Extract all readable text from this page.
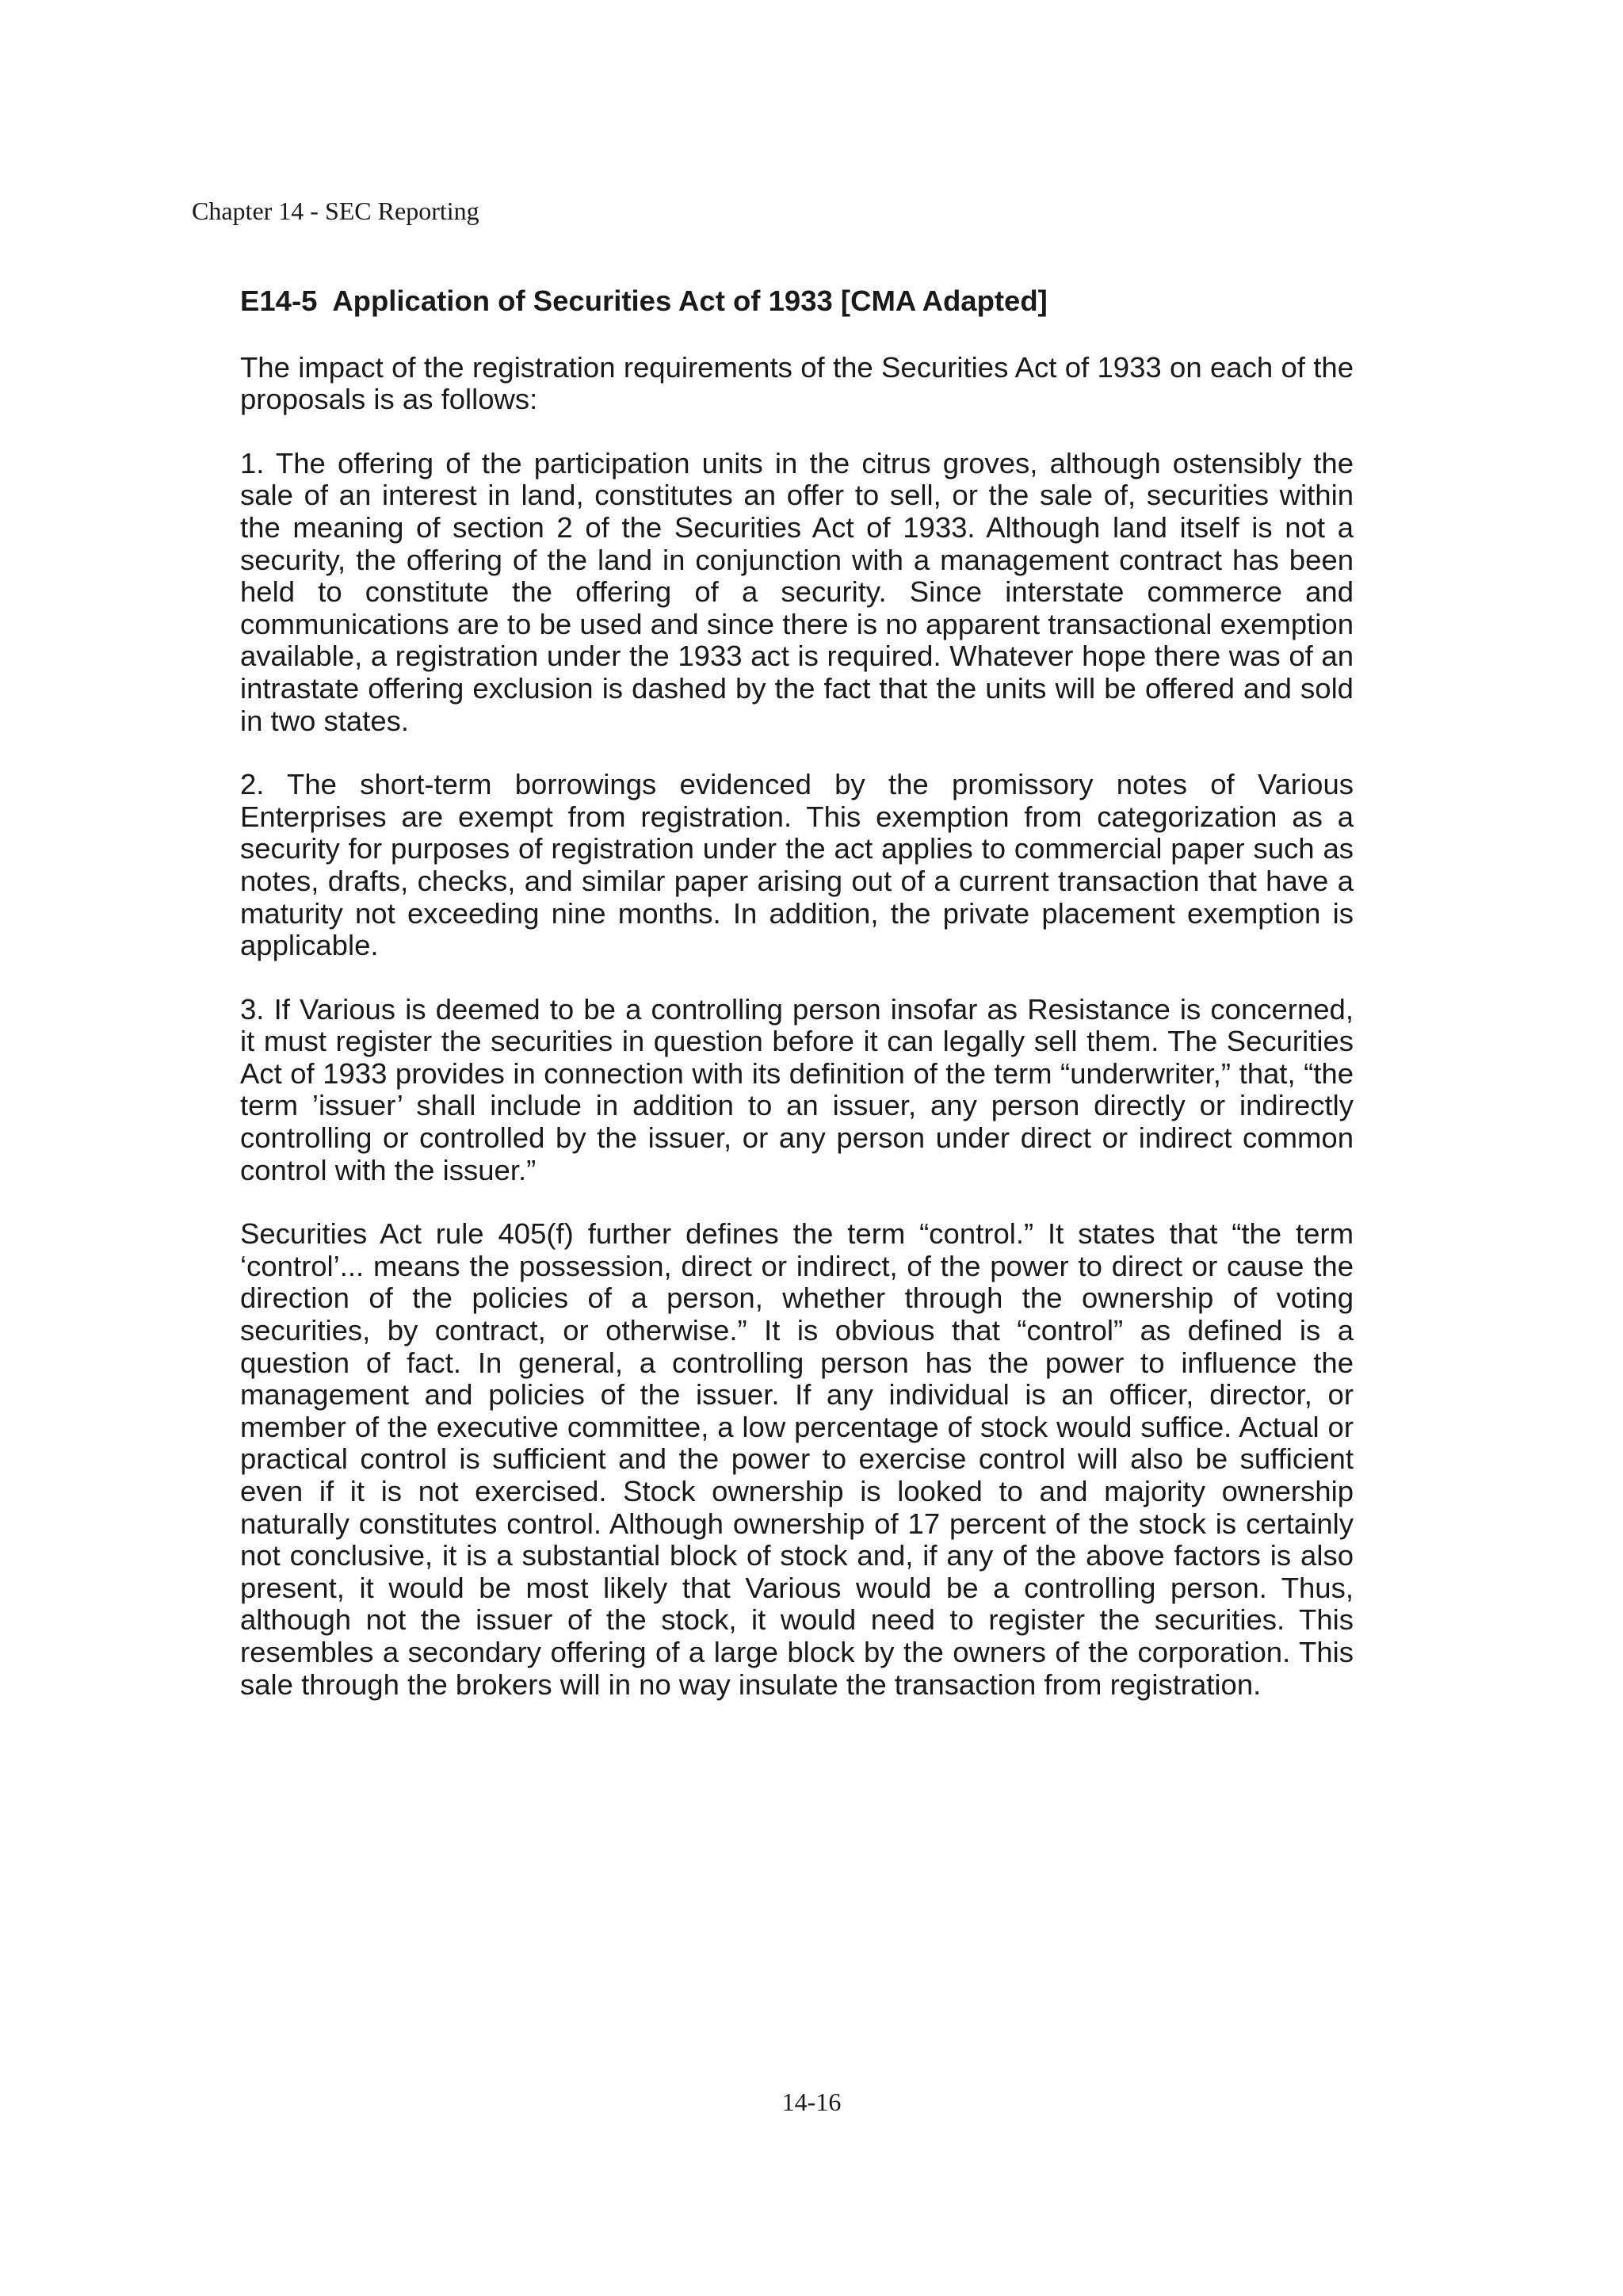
Chapter 14 - SEC Reporting
E14-5  Application of Securities Act of 1933 [CMA Adapted]

The impact of the registration requirements of the Securities Act of 1933 on each of the proposals is as follows:

1. The offering of the participation units in the citrus groves, although ostensibly the sale of an interest in land, constitutes an offer to sell, or the sale of, securities within the meaning of section 2 of the Securities Act of 1933. Although land itself is not a security, the offering of the land in conjunction with a management contract has been held to constitute the offering of a security. Since interstate commerce and communications are to be used and since there is no apparent transactional exemption available, a registration under the 1933 act is required. Whatever hope there was of an intrastate offering exclusion is dashed by the fact that the units will be offered and sold in two states.

2. The short-term borrowings evidenced by the promissory notes of Various Enterprises are exempt from registration. This exemption from categorization as a security for purposes of registration under the act applies to commercial paper such as notes, drafts, checks, and similar paper arising out of a current transaction that have a maturity not exceeding nine months. In addition, the private placement exemption is applicable.

3. If Various is deemed to be a controlling person insofar as Resistance is concerned, it must register the securities in question before it can legally sell them. The Securities Act of 1933 provides in connection with its definition of the term “underwriter,” that, “the term ’issuer’ shall include in addition to an issuer, any person directly or indirectly controlling or controlled by the issuer, or any person under direct or indirect common control with the issuer.”

Securities Act rule 405(f) further defines the term “control.” It states that “the term ‘control’... means the possession, direct or indirect, of the power to direct or cause the direction of the policies of a person, whether through the ownership of voting securities, by contract, or otherwise.” It is obvious that “control” as defined is a question of fact. In general, a controlling person has the power to influence the management and policies of the issuer. If any individual is an officer, director, or member of the executive committee, a low percentage of stock would suffice. Actual or practical control is sufficient and the power to exercise control will also be sufficient even if it is not exercised. Stock ownership is looked to and majority ownership naturally constitutes control. Although ownership of 17 percent of the stock is certainly not conclusive, it is a substantial block of stock and, if any of the above factors is also present, it would be most likely that Various would be a controlling person. Thus, although not the issuer of the stock, it would need to register the securities. This resembles a secondary offering of a large block by the owners of the corporation. This sale through the brokers will in no way insulate the transaction from registration.

14-16
